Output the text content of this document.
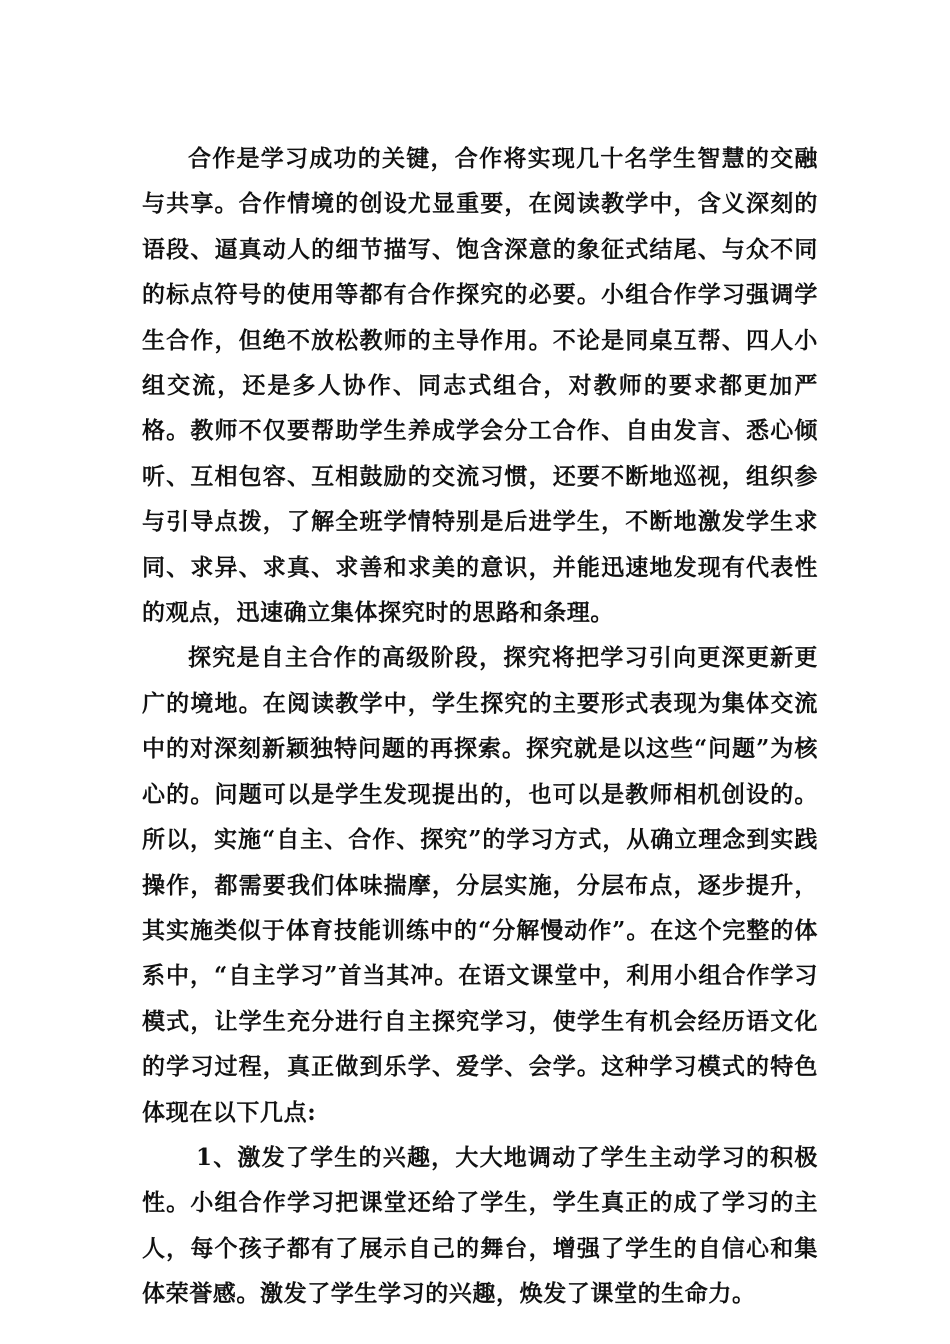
合作是学习成功的关键，合作将实现几十名学生智慧的交融与共享。合作情境的创设尤显重要，在阅读教学中，含义深刻的语段、逼真动人的细节描写、饱含深意的象征式结尾、与众不同的标点符号的使用等都有合作探究的必要。小组合作学习强调学生合作，但绝不放松教师的主导作用。不论是同桌互帮、四人小组交流，还是多人协作、同志式组合，对教师的要求都更加严格。教师不仅要帮助学生养成学会分工合作、自由发言、悉心倾听、互相包容、互相鼓励的交流习惯，还要不断地巡视，组织参与引导点拨，了解全班学情特别是后进学生，不断地激发学生求同、求异、求真、求善和求美的意识，并能迅速地发现有代表性的观点，迅速确立集体探究时的思路和条理。

探究是自主合作的高级阶段，探究将把学习引向更深更新更广的境地。在阅读教学中，学生探究的主要形式表现为集体交流中的对深刻新颖独特问题的再探索。探究就是以这些“问题”为核心的。问题可以是学生发现提出的，也可以是教师相机创设的。所以，实施“自主、合作、探究”的学习方式，从确立理念到实践操作，都需要我们体味揣摩，分层实施，分层布点，逐步提升，其实施类似于体育技能训练中的“分解慢动作”。在这个完整的体系中，“自主学习”首当其冲。在语文课堂中，利用小组合作学习模式，让学生充分进行自主探究学习，使学生有机会经历语文化的学习过程，真正做到乐学、爱学、会学。这种学习模式的特色体现在以下几点:

1、激发了学生的兴趣，大大地调动了学生主动学习的积极性。小组合作学习把课堂还给了学生，学生真正的成了学习的主人，每个孩子都有了展示自己的舞台，增强了学生的自信心和集体荣誉感。激发了学生学习的兴趣，焕发了课堂的生命力。
